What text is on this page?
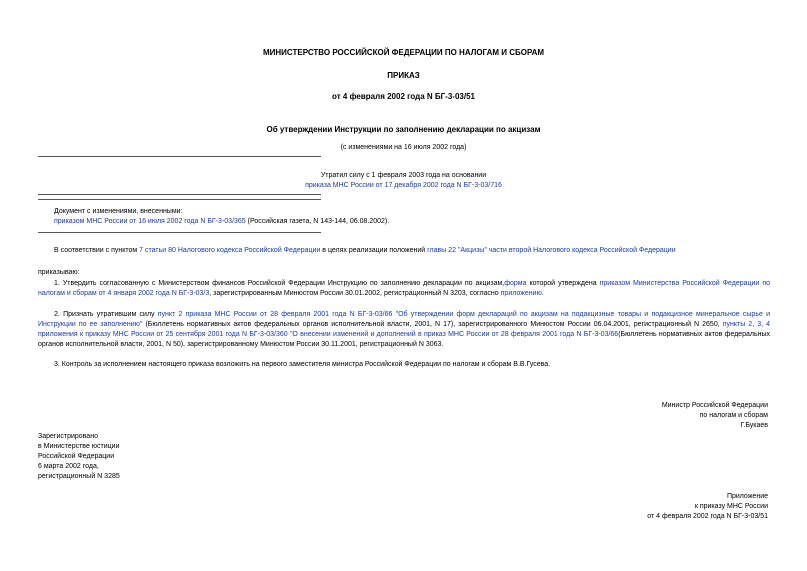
МИНИСТЕРСТВО РОССИЙСКОЙ ФЕДЕРАЦИИ ПО НАЛОГАМ И СБОРАМ
ПРИКАЗ
от 4 февраля 2002 года N БГ-3-03/51
Об утверждении Инструкции по заполнению декларации по акцизам
(с изменениями на 16 июля 2002 года)
Утратил силу с 1 февраля 2003 года на основании
приказа МНС России от 17 декабря 2002 года N БГ-3-03/716
Документ с изменениями, внесенными:
приказом МНС России от 16 июля 2002 года N БГ-3-03/365 (Российская газета, N 143-144, 06.08.2002).
В соответствии с пунктом 7 статьи 80 Налогового кодекса Российской Федерации в целях реализации положений главы 22 "Акцизы" части второй Налогового кодекса Российской Федерации
приказываю:
1. Утвердить согласованную с Министерством финансов Российской Федерации Инструкцию по заполнению декларации по акцизам,форма которой утверждена приказом Министерства Российской Федерации по налогам и сборам от 4 января 2002 года N БГ-3-03/3, зарегистрированным Минюстом России 30.01.2002, регистрационный N 3203, согласно приложению.
2. Признать утратившим силу пункт 2 приказа МНС России от 28 февраля 2001 года N БГ-3-03/66 "Об утверждении форм деклараций по акцизам на подакцизные товары и подакцизное минеральное сырье и Инструкции по ее заполнению" (Бюллетень нормативных актов федеральных органов исполнительной власти, 2001, N 17), зарегистрированного Минюстом России 06.04.2001, регистрационный N 2650, пункты 2, 3, 4 приложения к приказу МНС России от 25 сентября 2001 года N БГ-3-03/360 "О внесении изменений и дополнений в приказ МНС России от 28 февраля 2001 года N БГ-3-03/66(Бюллетень нормативных актов федеральных органов исполнительной власти, 2001, N 50), зарегистрированному Минюстом России 30.11.2001, регистрационный N 3063.
3. Контроль за исполнением настоящего приказа возложить на первого заместителя министра Российской Федерации по налогам и сборам В.В.Гусева.
Министр Российской Федерации
по налогам и сборам
Г.Букаев
Зарегистрировано
в Министерстве юстиции
Российской Федерации
6 марта 2002 года,
регистрационный N 3285
Приложение
к приказу МНС России
от 4 февраля 2002 года N БГ-3-03/51
